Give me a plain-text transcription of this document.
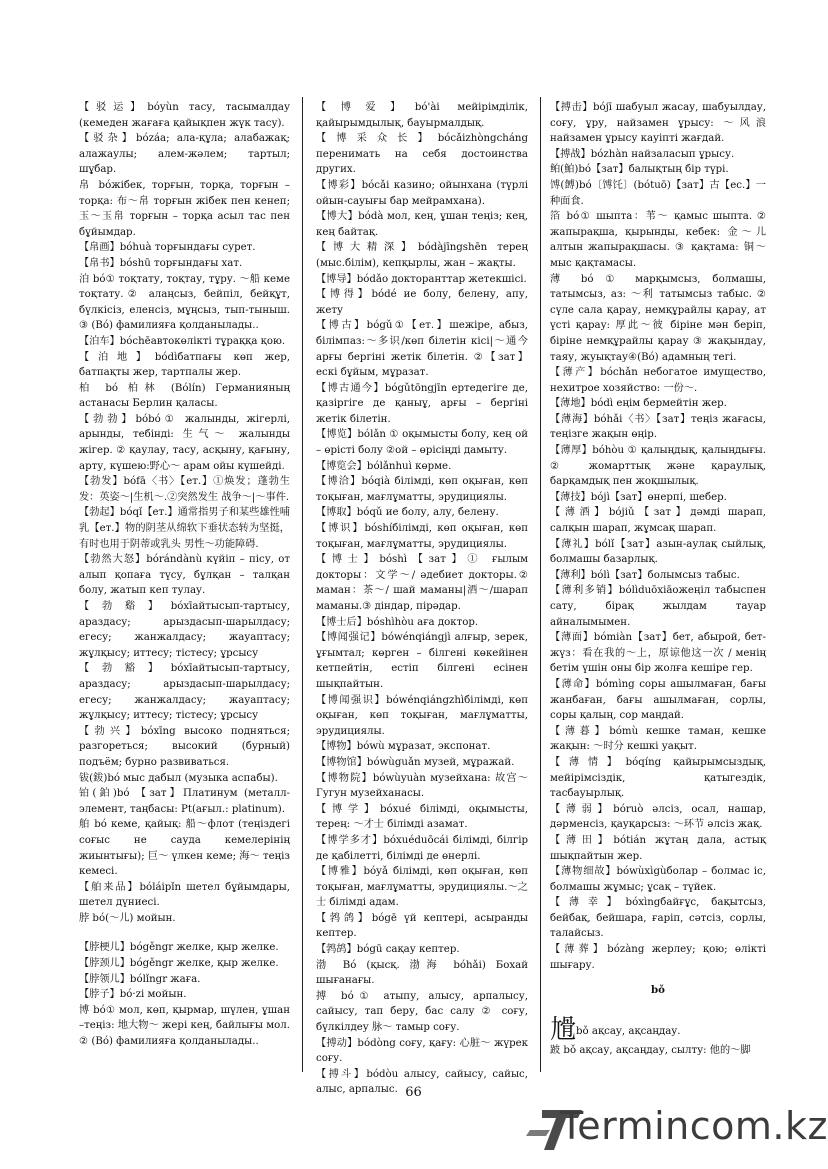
【驳运】bóyùn тасу, тасымалдау (кемеден жағаға қайықпен жүк тасу).
【驳杂】bózáa; ала-құла; алабажақ; алажаулы; алем-жәлем; тартыл; шұбар.
帛 bóжібек, торғын, торқа, торғын – торқа: 布～帛 торғын жібек пен кенеп; 玉～玉帛 торғын – торқа асыл тас пен бұйымдар.
【帛画】bóhuà торғындағы сурет.
【帛书】bóshū торғындағы хат.
泊 bó① тоқтату, тоқтау, тұру. ～船 кеме тоқтату.② алаңсыз, бейпіл, бейқұт, бүлкісіз, еленсіз, мұңсыз, тып-тыныш. ③ (Bó) фамилияға қолданылады..
【泊车】bóchēавтокөлікті тұраққа қою.
【泊地】bódìбатпағы көп жер, батпақты жер, тартпалы жер.
柏 bó 柏林 (Bólín) Германияның астанасы Берлин қаласы.
【勃勃】bóbó① жалынды, жігерлі, арынды, тебінді: 生气～ жалынды жігер. ② қаулау, тасу, асқыну, қағыну, арту, күшею:野心～ арам ойы күшейді.
【勃发】bófā〈书〉【ет.】①焕发；蓬勃生发：英姿～|生机～.②突然发生 战争～|～事件.
【勃起】bóqǐ【ет.】通常指男子和某些雄性哺乳【ет.】物的阴茎从绵软下垂状态转为坚挺，有时也用于阴蒂或乳头 男性～功能障碍.
【勃然大怒】bórándànù күйіп – пісу, от алып қопаға түсу, бұлқан – талқан болу, жатып кеп тулау.
【勃谿】bóxīайтысып-тартысу, араздасу; арыздасып-шарылдасу; егесу; жанжалдасу; жауаптасу; жұлқысу; иттесу; тістесу; ұрсысу
【勃豁】bóxīайтысып-тартысу, араздасу; арыздасып-шарылдасу; егесу; жанжалдасу; жауаптасу; жұлқысу; иттесу; тістесу; ұрсысу
【勃兴】bóxīng высоко подняться; разгореться; высокий (бурный) подъём; бурно развиваться.
钹(鈸)bó мыс дабыл (музыка аспабы).
铂(鉑)bó 【зат】Платинум (металл-элемент, таңбасы: Pt(ағыл.: platinum).
舶 bó кеме, қайық: 船～флот (теңіздегі соғыс не сауда кемелерінің жиынтығы); 巨～ үлкен кеме; 海～ теңіз кемесі.
【舶来品】bóláipǐn шетел бұйымдары, шетел дүниесі.
脖 bó(～儿) мойын.
【脖梗儿】bógěngr желке, қыр желке.
【脖颈儿】bógěngr желке, қыр желке.
【脖领儿】bólǐngr жаға.
【脖子】bó·zi мойын.
博 bó① мол, көп, қырмар, шүлен, ұшан –теңіз: 地大物～ жері кең, байлығы мол. ② (Bó) фамилияға қолданылады..
【博爱】bó'ài мейірімділік, қайырымдылық, бауырмалдық.
【博采众长】bócǎizhòngcháng перенимать на себя достоинства других.
【博彩】bócǎi казино; ойынхана (түрлі ойын-сауығы бар мейрамхана).
【博大】bódà мол, кең, ұшан теңіз; кең, кең байтақ.
【博大精深】bódàjīngshēn терең (мыс.білім), кепқырлы, жан – жақты.
【博导】bódǎo докторанттар жетекшісі.
【博得】bódé ие болу, белену, апу, жету
【博古】bógǔ①【ет.】шежіре, абыз, білімпаз:～多识/көп білетін кісі|～通今 арғы бергіні жетік білетін. ②【зат】ескі бұйым, мұразат.
【博古通今】bógǔtōngjīn ертедегіге де, қазіргіге де қаныұ, арғы – бергіні жетік білетін.
【博览】bólǎn ① оқымысты болу, кең ой – өрісті болу ②ой – өрісіңді дамыту.
【博览会】bólǎnhuì көрме.
【博洽】bóqià білімді, көп оқыған, көп тоқыған, мағлұматты, эрудициялы.
【博取】bóqǔ ие болу, алу, белену.
【博识】bóshíбілімді, көп оқыған, көп тоқыған, мағлұматты, эрудициялы.
【博士】bóshì【зат】① ғылым докторы：文学～/ әдебиет докторы.② маман：茶～/ шай маманы|酒～/шарап маманы.③ діндар, пірәдар.
【博士后】bóshìhòu аға доктор.
【博闻强记】bówénqiángjì алғыр, зерек, ұғымтал; көрген – білгені көкейінен кетпейтін, естіп білгені есінен шықпайтын.
【博闻强识】bówénqiángzhìбілімді, көп оқыған, көп тоқыған, мағлұматты, эрудициялы.
【博物】bówù мұразат, экспонат.
【博物馆】bówùguǎn музей, мұражай.
【博物院】bówùyuàn музейхана: 故宫～ Гугун музейханасы.
【博学】bóxué білімді, оқымысты, терең: ～才士 білімді азамат.
【博学多才】bóxuéduōcái білімді, білгір де қабілетті, білімді де өнерлі.
【博雅】bóyǎ білімді, көп оқыған, көп тоқыған, мағлұматты, эрудициялы.～之士 білімді адам.
【鹁鸽】bógē үй кептері, асыранды кептер.
【鹁鸪】bógū сақау кептер.
渤 Bó (қысқ. 渤海 bóhǎi) Бохай шығанағы.
搏 bó① атыпу, алысу, арпалысу, сайысу, тап беру, бас салу ② соғу, бүлкілдеу 脉～ тамыр соғу.
【搏动】bódòng соғу, қағу: 心脏～ жүрек соғу.
【搏斗】bódòu алысу, сайысу, сайыс, алыс, арпалыс.
【搏击】bójī шабуыл жасау, шабуылдау, соғу, ұру, найзамен ұрысу: ～风浪 найзамен ұрысу кауіпті жағдай.
【搏战】bózhàn найзаласып ұрысу.
鲌(鮊)bó【зат】балықтың бір түрі.
馎(餺)bó〔馎饦〕(bótuō)【зат】古【ес.】一种面食.
箔 bó① шыптa：苇～ қамыс шыптa. ② жапырақша, қырынды, кебек: 金～儿 алтын жапырақшасы. ③ қақтама: 铜～ мыс қақтамасы.
薄 bó ① марқымсыз, болмашы, татымсыз, аз: ～利 татымсыз табыс. ② сүле сала қарау, немқұрайлы қарау, ат үсті қарау: 厚此～彼 біріне мән беріп, біріне немқұрайлы қарау ③ жақындау, таяу, жуықтау④(Bó) адамның тегі.
【薄产】bóchǎn небогатое имущество, нехитрое хозяйство: 一份～.
【薄地】bódì еңім бермейтін жер.
【薄海】bóhǎi〈书〉【зат】теңіз жағасы, теңізге жақын өңір.
【薄厚】bóhòu ① қалыңдық, қалыңдығы. ② жомарттық және қараулық, барқамдық пен жоқшылық.
【薄技】bójì【зат】өнерпі, шебер.
【薄酒】bójiǔ【зат】дәмді шарап, салқын шарап, жұмсақ шарап.
【薄礼】bólǐ【зат】азын-аулақ сыйлық, болмашы базарлық.
【薄利】bólì【зат】болымсыз табыс.
【薄利多销】bólìduōxiāoжеңіл табыспен сату, бірақ жылдам тауар айналымымен.
【薄面】bómiàn【зат】бет, абырой, бет-жүз：看在我的～上，原谅他这一次 / менің бетім үшін оны бір жолға кешіре гер.
【薄命】bómìng соры ашылмаған, бағы жанбаған, бағы ашылмаған, сорлы, соры қалың, сор маңдай.
【薄暮】bómù кешке таман, кешке жақын: ～时分 кешкі уақыт.
【薄情】bóqíng қайырымсыздық, мейірімсіздік, қатыгездік, тасбауырлық.
【薄弱】bóruò әлсіз, осал, нашар, дәрменсіз, қауқарсыз: ～环节 әлсіз жақ.
【薄田】bótián жұтаң дала, астық шықпайтын жер.
【薄物细故】bówùxìgùболар – болмас іс, болмашы жұмыс; ұсақ – түйек.
【薄幸】bóxìngбайғұс, бақытсыз, бейбақ, бейшара, ғаріп, сәтсіз, сорлы, талайсыз.
【薄葬】bózàng жерлеу; қою; өлікті шығару.
bǒ
尳bǒ ақсау, ақсаңдау.
跛 bǒ ақсау, ақсаңдау, сылту: 他的～脚
66
Termincom.kz
